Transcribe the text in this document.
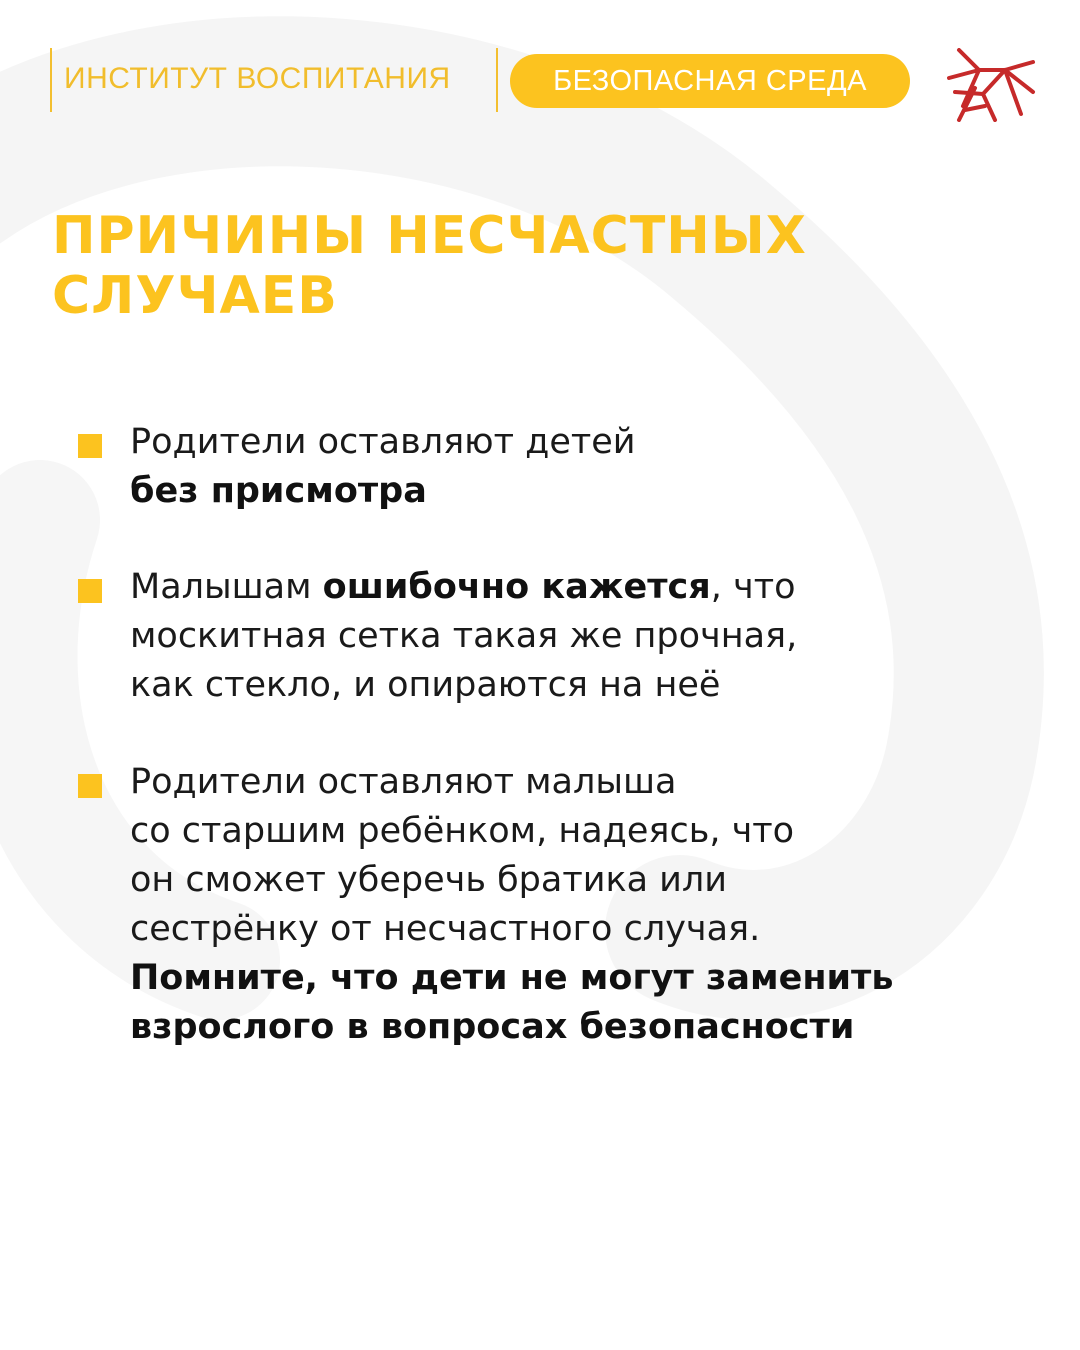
ИНСТИТУТ ВОСПИТАНИЯ	БЕЗОПАСНАЯ СРЕДА
ПРИЧИНЫ НЕСЧАСТНЫХ
СЛУЧАЕВ
Родители оставляют детей
без присмотра
Малышам ошибочно кажется, что
москитная сетка такая же прочная,
как стекло, и опираются на неё
Родители оставляют малыша
со старшим ребёнком, надеясь, что
он сможет уберечь братика или
сестрёнку от несчастного случая.
Помните, что дети не могут заменить
взрослого в вопросах безопасности
